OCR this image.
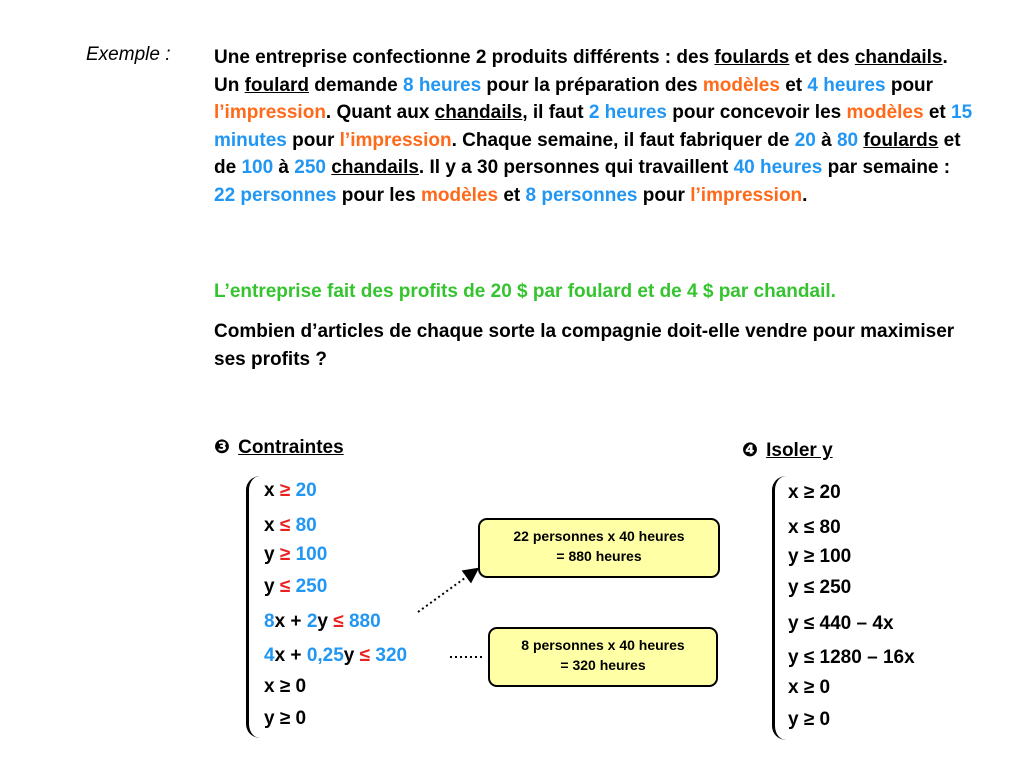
Exemple : Une entreprise confectionne 2 produits différents : des foulards et des chandails. Un foulard demande 8 heures pour la préparation des modèles et 4 heures pour l’impression. Quant aux chandails, il faut 2 heures pour concevoir les modèles et 15 minutes pour l’impression. Chaque semaine, il faut fabriquer de 20 à 80 foulards et de 100 à 250 chandails. Il y a 30 personnes qui travaillent 40 heures par semaine : 22 personnes pour les modèles et 8 personnes pour l’impression.
L’entreprise fait des profits de 20 $ par foulard et de 4 $ par chandail.
Combien d’articles de chaque sorte la compagnie doit-elle vendre pour maximiser ses profits ?
❸ Contraintes
x ≥ 20
x ≤ 80
y ≥ 100
y ≤ 250
8x + 2y ≤ 880
4x + 0,25y ≤ 320
x ≥ 0
y ≥ 0
❹ Isoler y
x ≥ 20
x ≤ 80
y ≥ 100
y ≤ 250
y ≤ 440 – 4x
y ≤ 1280 – 16x
x ≥ 0
y ≥ 0
22 personnes x 40 heures
= 880 heures
8 personnes x 40 heures
= 320 heures
